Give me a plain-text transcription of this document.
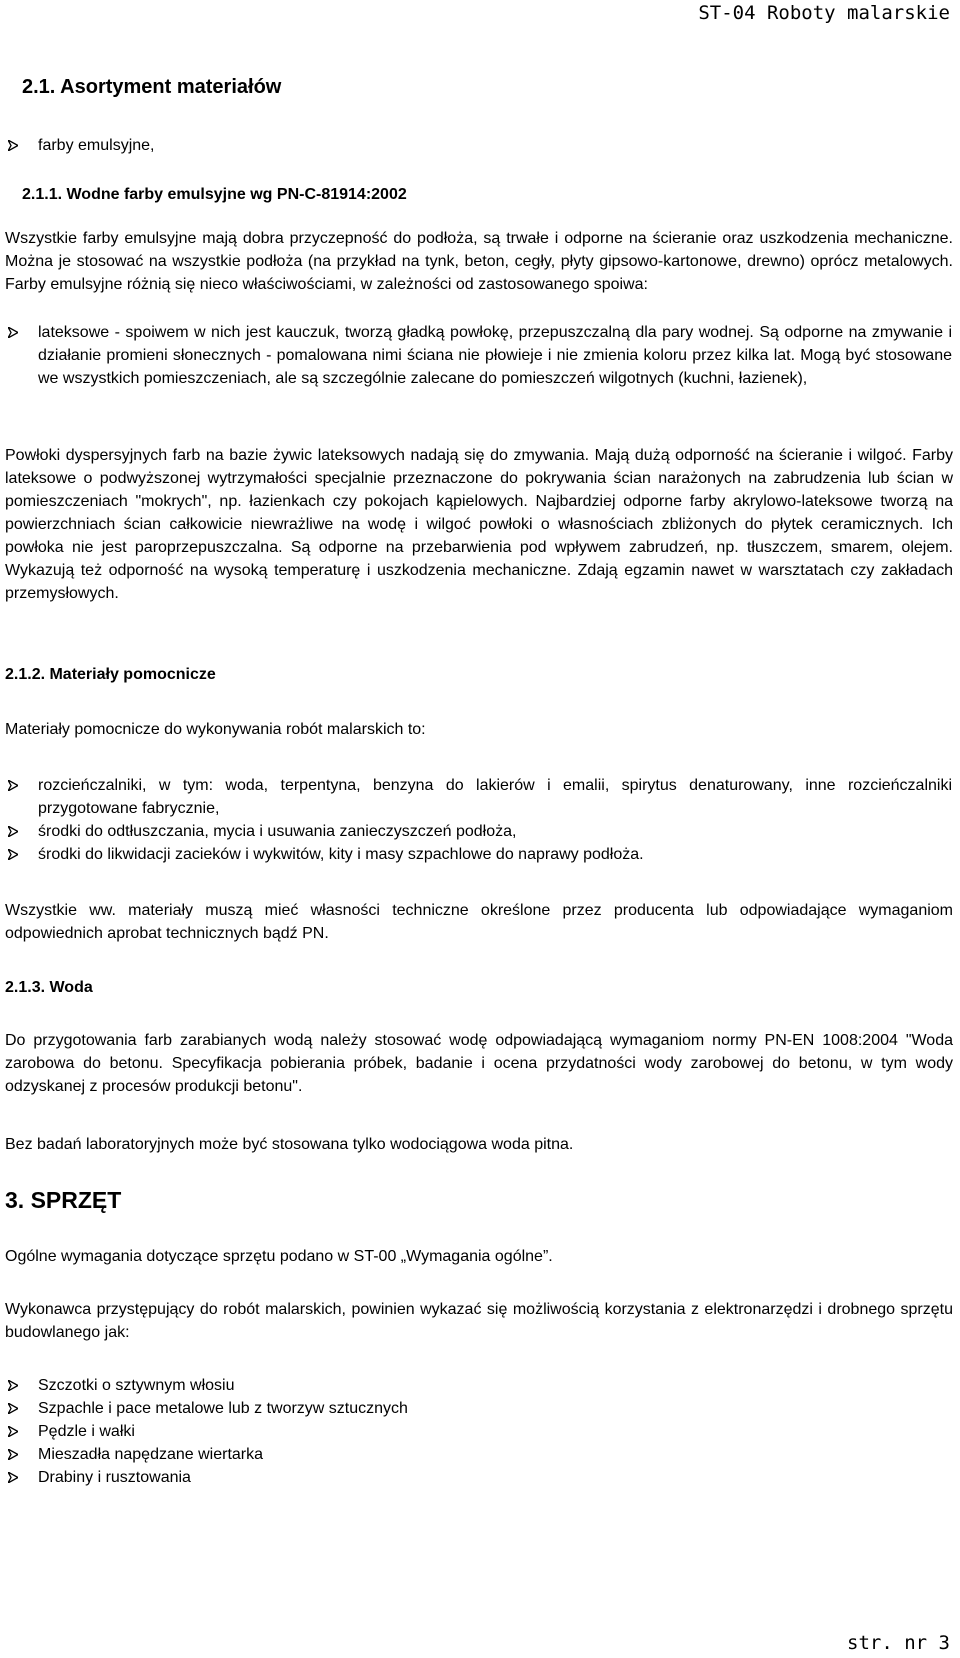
ST-04 Roboty malarskie
2.1. Asortyment materiałów
farby emulsyjne,
2.1.1. Wodne farby emulsyjne wg PN-C-81914:2002

Wszystkie farby emulsyjne mają dobra przyczepność do podłoża, są trwałe i odporne na ścieranie oraz uszkodzenia mechaniczne. Można je stosować na wszystkie podłoża (na przykład na tynk, beton, cegły, płyty gipsowo-kartonowe, drewno) oprócz metalowych. Farby emulsyjne różnią się nieco właściwościami, w zależności od zastosowanego spoiwa:

lateksowe - spoiwem w nich jest kauczuk, tworzą gładką powłokę, przepuszczalną dla pary wodnej. Są odporne na zmywanie i działanie promieni słonecznych - pomalowana nimi ściana nie płowieje i nie zmienia koloru przez kilka lat. Mogą być stosowane we wszystkich pomieszczeniach, ale są szczególnie zalecane do pomieszczeń wilgotnych (kuchni, łazienek),

Powłoki dyspersyjnych farb na bazie żywic lateksowych nadają się do zmywania. Mają dużą odporność na ścieranie i wilgoć. Farby lateksowe o podwyższonej wytrzymałości specjalnie przeznaczone do pokrywania ścian narażonych na zabrudzenia lub ścian w pomieszczeniach "mokrych", np. łazienkach czy pokojach kąpielowych. Najbardziej odporne farby akrylowo-lateksowe tworzą na powierzchniach ścian całkowicie niewrażliwe na wodę i wilgoć powłoki o własnościach zbliżonych do płytek ceramicznych. Ich powłoka nie jest paroprzepuszczalna. Są odporne na przebarwienia pod wpływem zabrudzeń, np. tłuszczem, smarem, olejem. Wykazują też odporność na wysoką temperaturę i uszkodzenia mechaniczne. Zdają egzamin nawet w warsztatach czy zakładach przemysłowych.

2.1.2. Materiały pomocnicze

Materiały pomocnicze do wykonywania robót malarskich to:

rozcieńczalniki, w tym: woda, terpentyna, benzyna do lakierów i emalii, spirytus denaturowany, inne rozcieńczalniki przygotowane fabrycznie,
środki do odtłuszczania, mycia i usuwania zanieczyszczeń podłoża,
środki do likwidacji zacieków i wykwitów, kity i masy szpachlowe do naprawy podłoża.

Wszystkie ww. materiały muszą mieć własności techniczne określone przez producenta lub odpowiadające wymaganiom odpowiednich aprobat technicznych bądź PN.

2.1.3. Woda

Do przygotowania farb zarabianych wodą należy stosować wodę odpowiadającą wymaganiom normy PN-EN 1008:2004 "Woda zarobowa do betonu. Specyfikacja pobierania próbek, badanie i ocena przydatności wody zarobowej do betonu, w tym wody odzyskanej z procesów produkcji betonu".

Bez badań laboratoryjnych może być stosowana tylko wodociągowa woda pitna.

3. SPRZĘT

Ogólne wymagania dotyczące sprzętu podano w ST-00 „Wymagania ogólne”.

Wykonawca przystępujący do robót malarskich, powinien wykazać się możliwością korzystania z elektronarzędzi i drobnego sprzętu budowlanego jak:

Szczotki o sztywnym włosiu
Szpachle i pace metalowe lub z tworzyw sztucznych
Pędzle i wałki
Mieszadła napędzane wiertarka
Drabiny i rusztowania
str. nr 3
